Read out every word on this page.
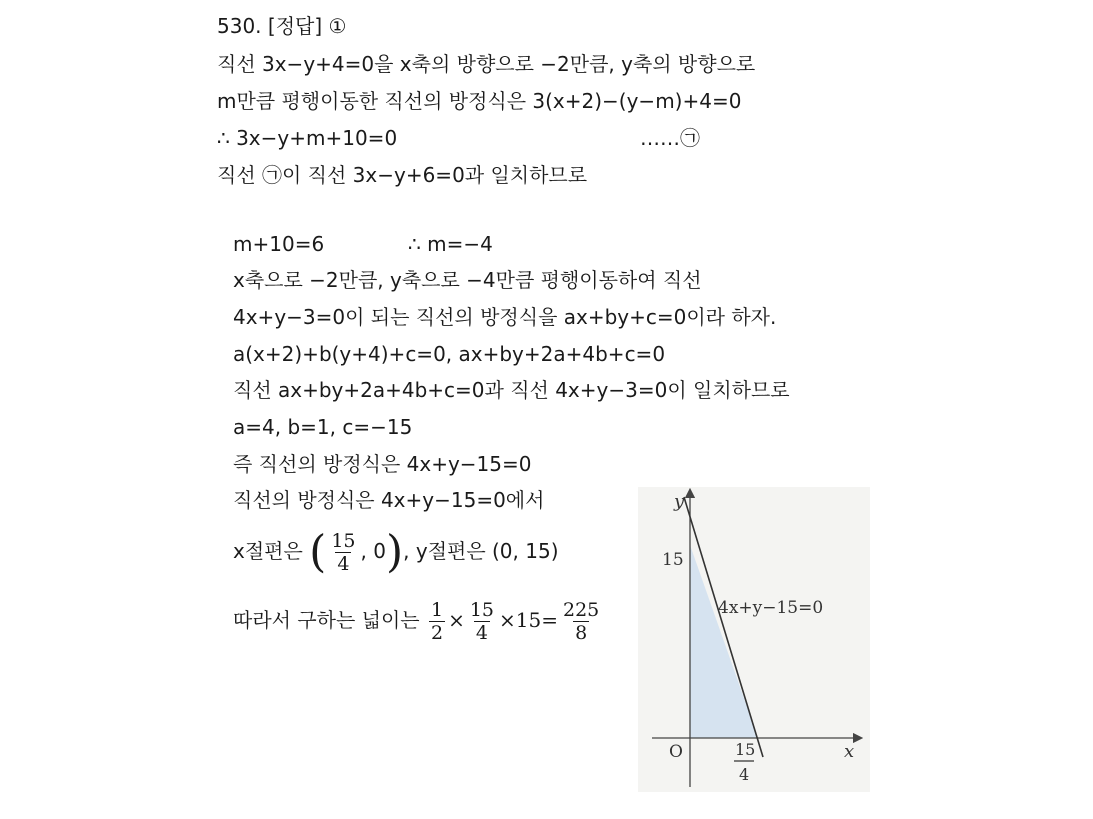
530. [정답] ①
직선 3x−y+4=0을 x축의 방향으로 −2만큼, y축의 방향으로
m만큼 평행이동한 직선의 방정식은 3(x+2)−(y−m)+4=0
∴ 3x−y+m+10=0	……㉠
직선 ㉠이 직선 3x−y+6=0과 일치하므로
m+10=6	∴ m=−4
x축으로 −2만큼, y축으로 −4만큼 평행이동하여 직선
4x+y−3=0이 되는 직선의 방정식을 ax+by+c=0이라 하자.
a(x+2)+b(y+4)+c=0, ax+by+2a+4b+c=0
직선 ax+by+2a+4b+c=0과 직선 4x+y−3=0이 일치하므로
a=4, b=1, c=−15
즉 직선의 방정식은 4x+y−15=0
직선의 방정식은 4x+y−15=0에서
x절편은 ( $\frac{15}{4}$ , 0), y절편은 (0, 15)
따라서 구하는 넓이는 $\frac{1}{2} \times \frac{15}{4} \times 15= \frac{225}{8}$
y
x
O
15
4x+y−15=0
15
4
